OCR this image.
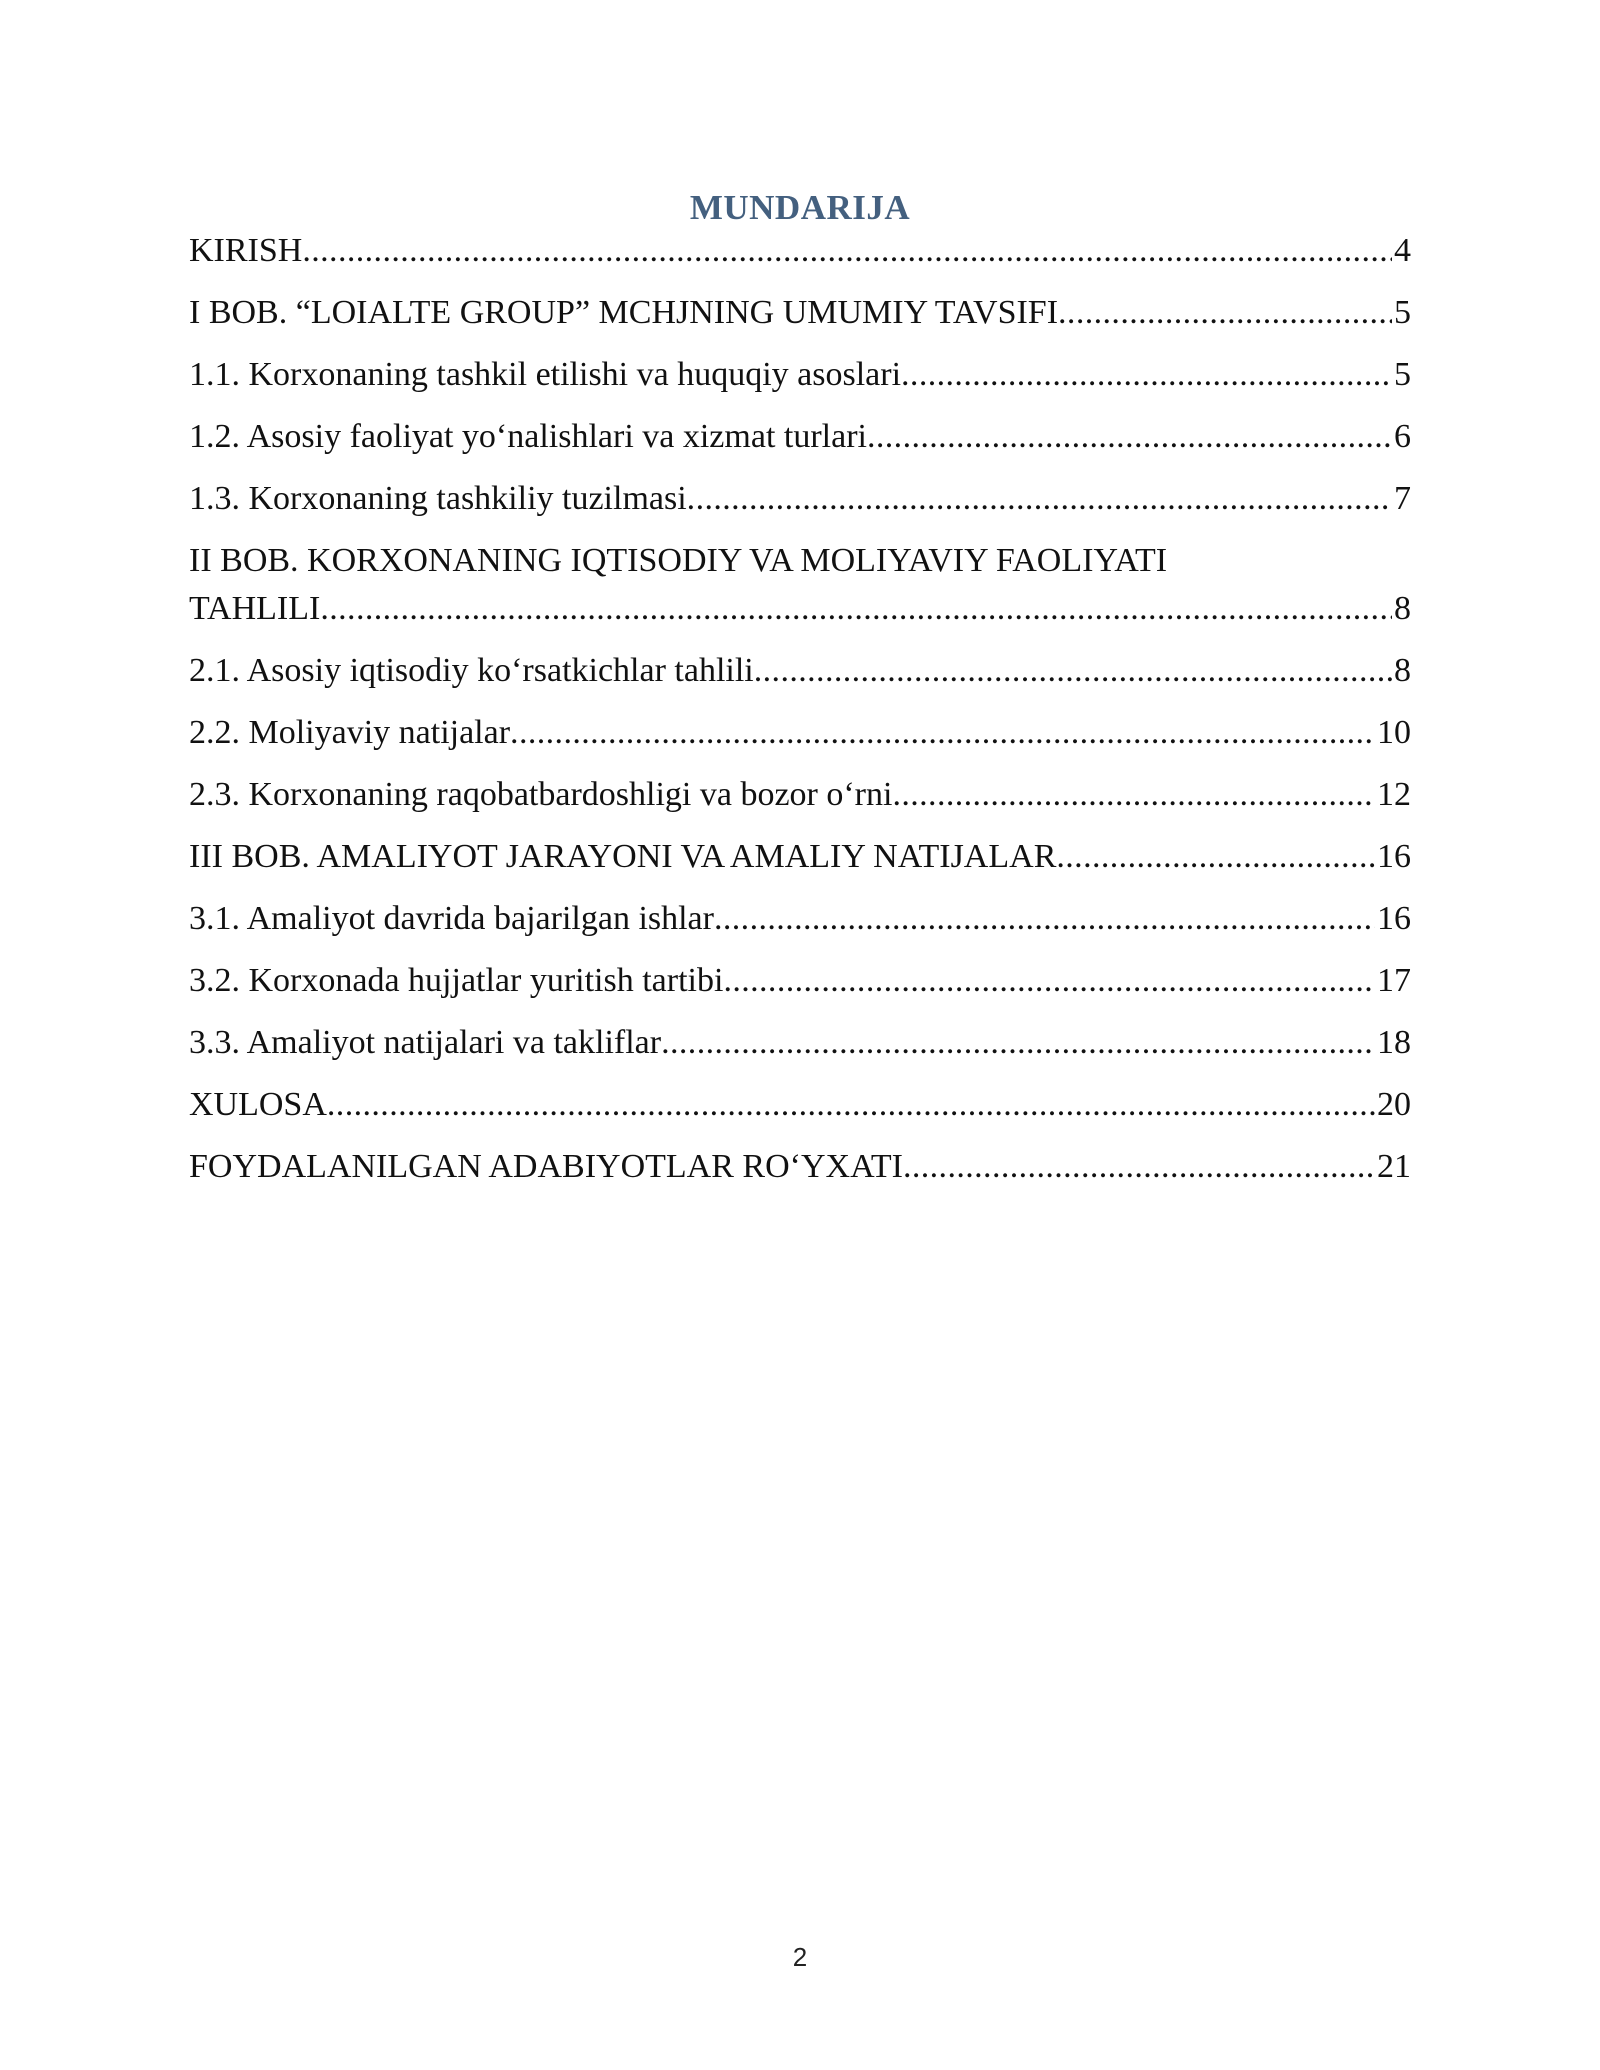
MUNDARIJA
KIRISH .....	4
I BOB. “LOIALTE GROUP” MCHJNING UMUMIY TAVSIFI .....	5
1.1. Korxonaning tashkil etilishi va huquqiy asoslari .....	5
1.2. Asosiy faoliyat yo‘nalishlari va xizmat turlari .....	6
1.3. Korxonaning tashkiliy tuzilmasi .....	7
II BOB. KORXONANING IQTISODIY VA MOLIYAVIY FAOLIYATI
TAHLILI .....	8
2.1. Asosiy iqtisodiy ko‘rsatkichlar tahlili .....	8
2.2. Moliyaviy natijalar .....	10
2.3. Korxonaning raqobatbardoshligi va bozor o‘rni .....	12
III BOB. AMALIYOT JARAYONI VA AMALIY NATIJALAR .....	16
3.1. Amaliyot davrida bajarilgan ishlar .....	16
3.2. Korxonada hujjatlar yuritish tartibi .....	17
3.3. Amaliyot natijalari va takliflar .....	18
XULOSA .....	20
FOYDALANILGAN ADABIYOTLAR RO‘YXATI .....	21
2
